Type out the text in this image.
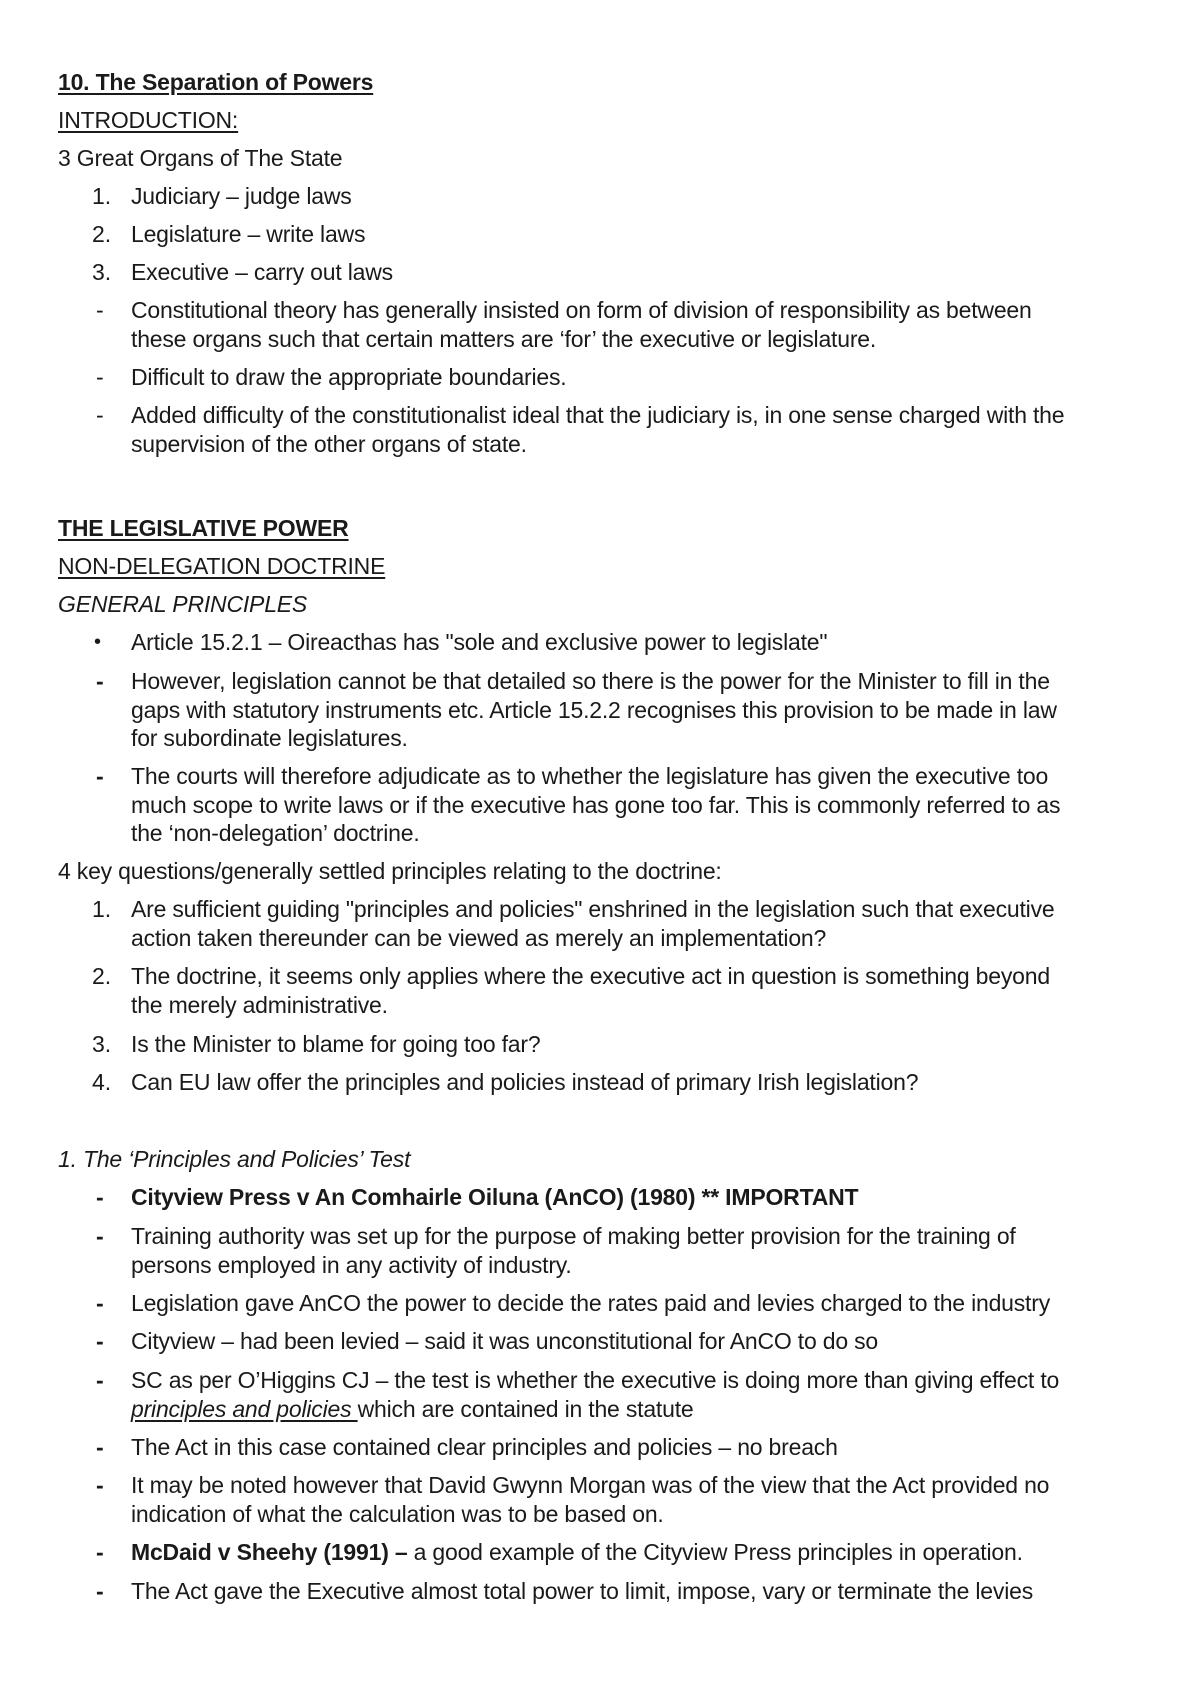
10. The Separation of Powers
INTRODUCTION:
3 Great Organs of The State
1. Judiciary – judge laws
2. Legislature – write laws
3. Executive – carry out laws
- Constitutional theory has generally insisted on form of division of responsibility as between
these organs such that certain matters are ‘for’ the executive or legislature.
- Difficult to draw the appropriate boundaries.
- Added difficulty of the constitutionalist ideal that the judiciary is, in one sense charged with the
supervision of the other organs of state.
THE LEGISLATIVE POWER
NON-DELEGATION DOCTRINE
GENERAL PRINCIPLES
• Article 15.2.1 – Oireacthas has "sole and exclusive power to legislate"
- However, legislation cannot be that detailed so there is the power for the Minister to fill in the
gaps with statutory instruments etc. Article 15.2.2 recognises this provision to be made in law
for subordinate legislatures.
- The courts will therefore adjudicate as to whether the legislature has given the executive too
much scope to write laws or if the executive has gone too far. This is commonly referred to as
the ‘non-delegation’ doctrine.
4 key questions/generally settled principles relating to the doctrine:
1. Are sufficient guiding "principles and policies" enshrined in the legislation such that executive
action taken thereunder can be viewed as merely an implementation?
2. The doctrine, it seems only applies where the executive act in question is something beyond
the merely administrative.
3. Is the Minister to blame for going too far?
4. Can EU law offer the principles and policies instead of primary Irish legislation?
1. The ‘Principles and Policies’ Test
- Cityview Press v An Comhairle Oiluna (AnCO) (1980) ** IMPORTANT
- Training authority was set up for the purpose of making better provision for the training of
persons employed in any activity of industry.
- Legislation gave AnCO the power to decide the rates paid and levies charged to the industry
- Cityview – had been levied – said it was unconstitutional for AnCO to do so
- SC as per O’Higgins CJ – the test is whether the executive is doing more than giving effect to
principles and policies which are contained in the statute
- The Act in this case contained clear principles and policies – no breach
- It may be noted however that David Gwynn Morgan was of the view that the Act provided no
indication of what the calculation was to be based on.
- McDaid v Sheehy (1991) – a good example of the Cityview Press principles in operation.
- The Act gave the Executive almost total power to limit, impose, vary or terminate the levies
